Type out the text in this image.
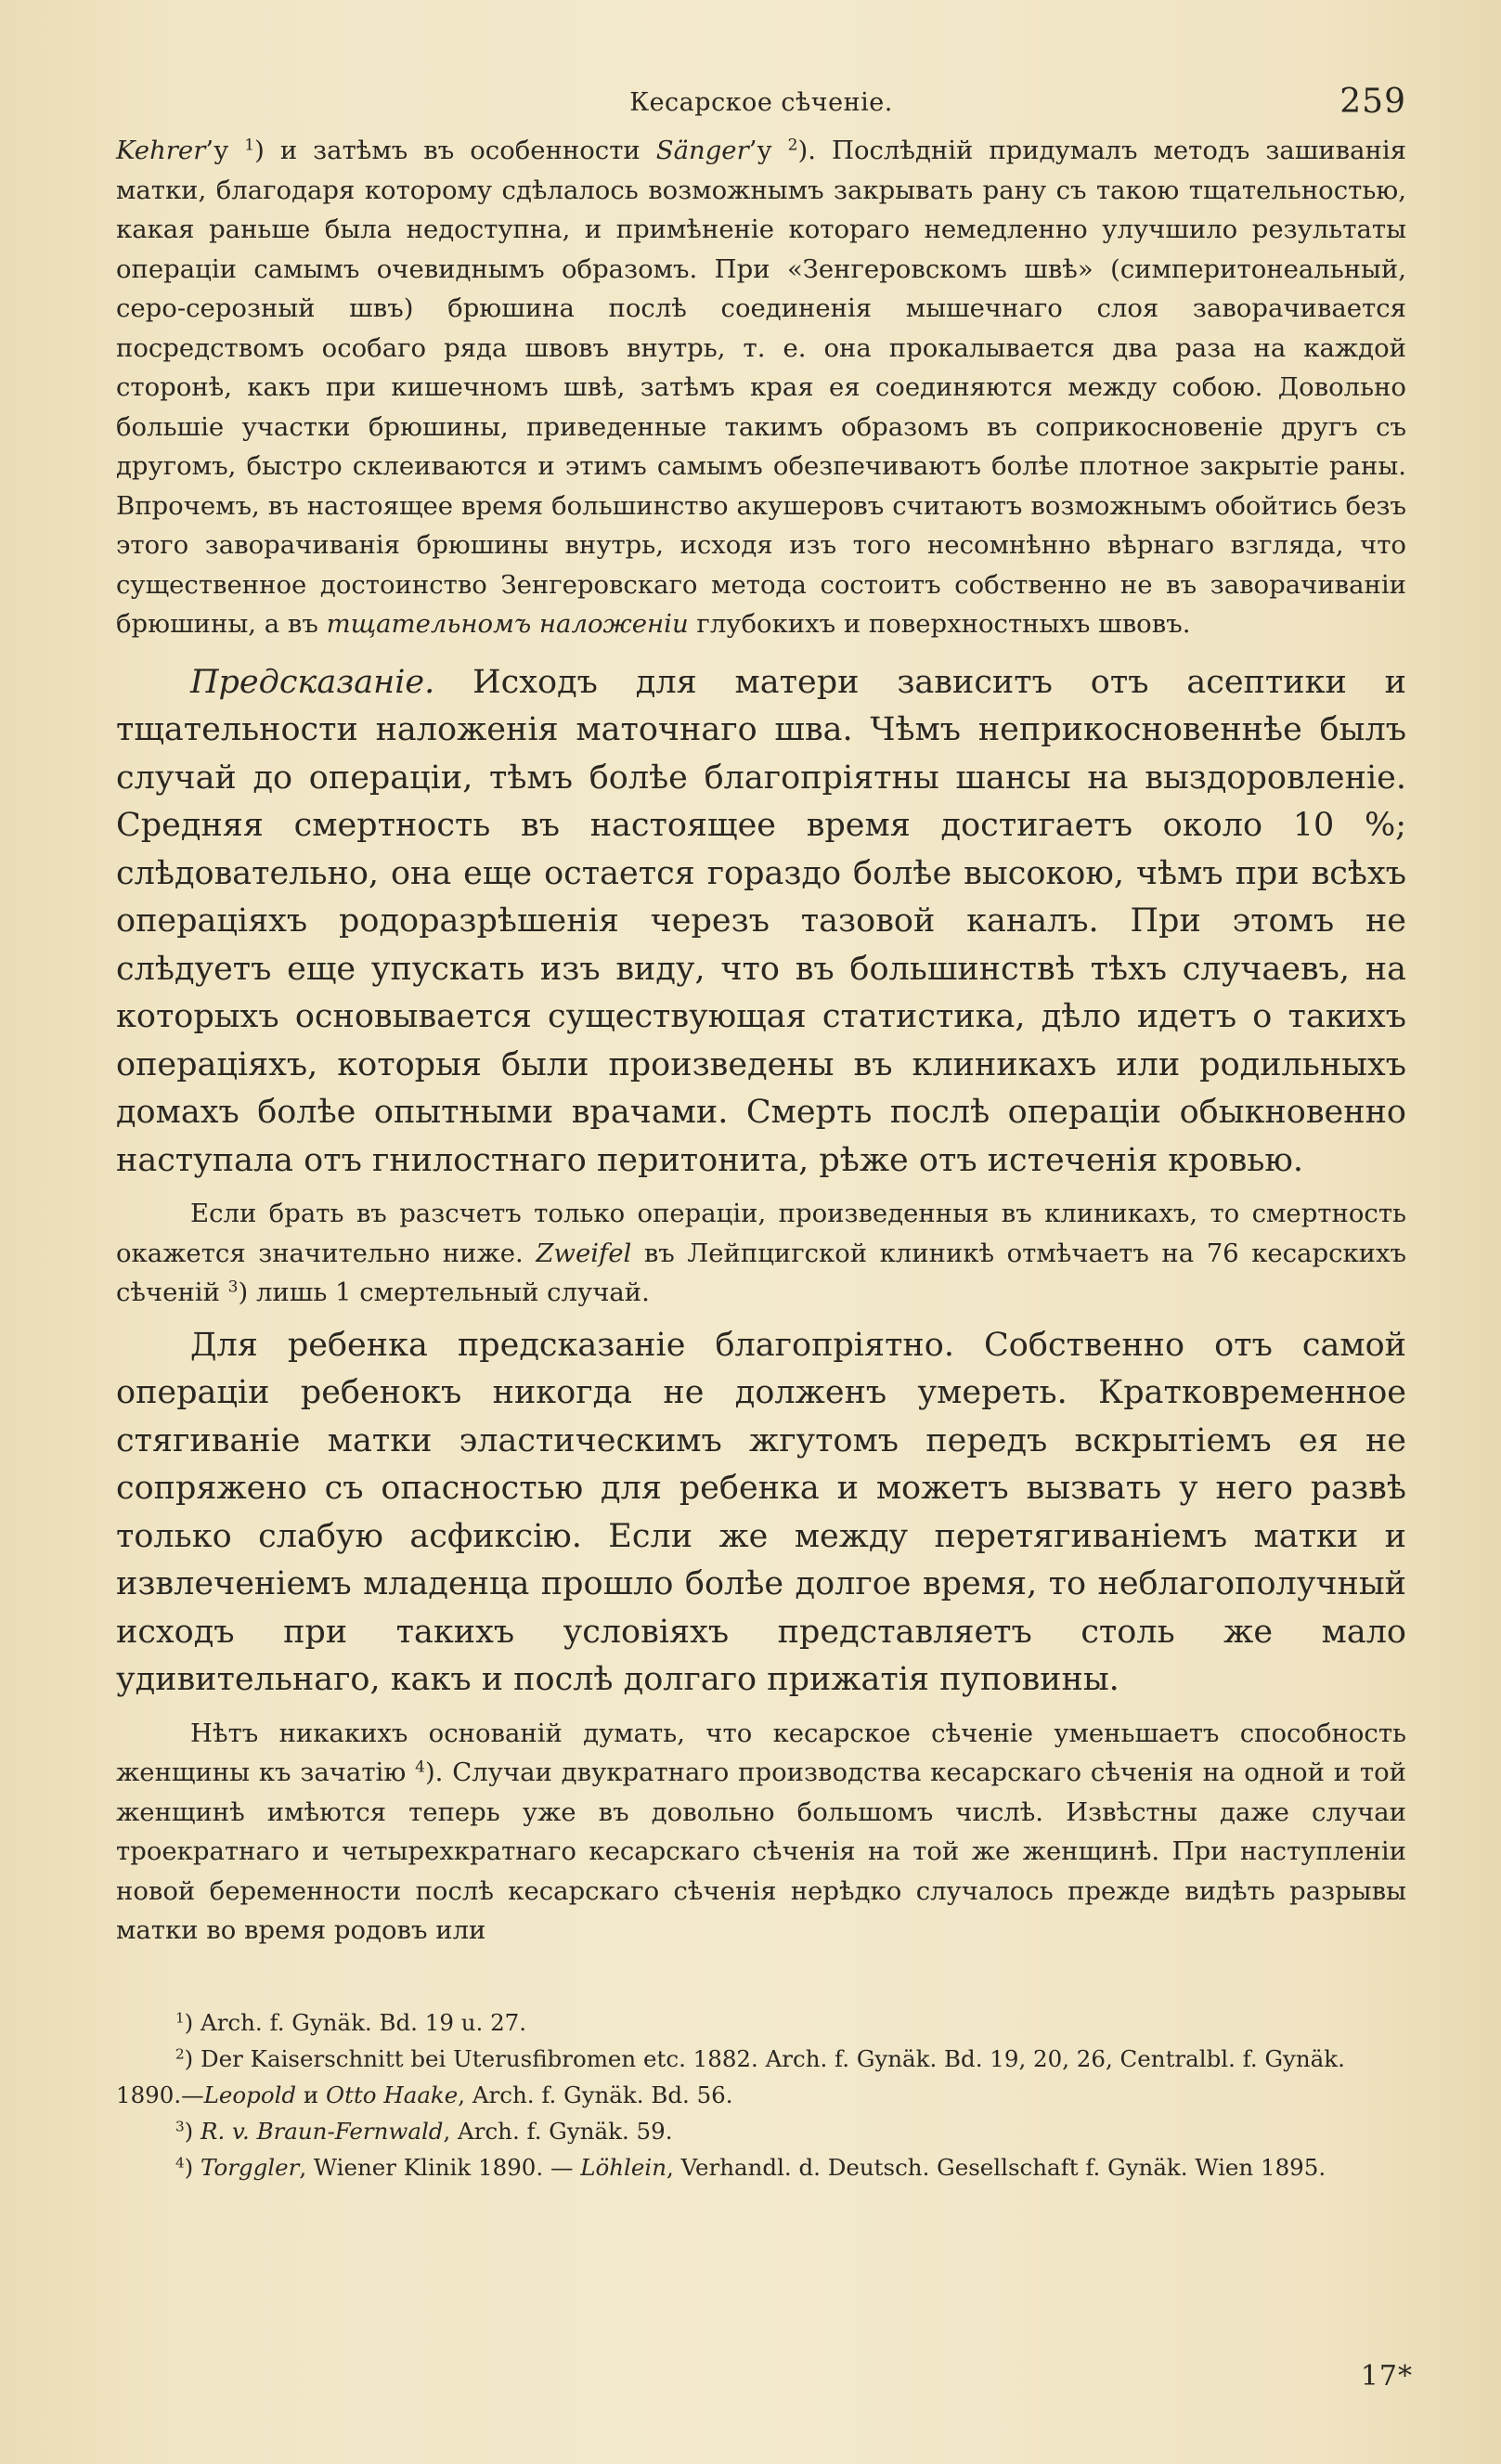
Кесарское сѣченіе.	259

Kehrer’у $^1$) и затѣмъ въ особенности Sänger’у $^2$). Послѣдній придумалъ методъ зашиванія матки, благодаря которому сдѣлалось возможнымъ закрывать рану съ такою тщательностью, какая раньше была недоступна, и примѣненіе котораго немедленно улучшило результаты операціи самымъ очевиднымъ образомъ. При «Зенгеровскомъ швѣ» (симперитонеальный, серо-серозный швъ) брюшина послѣ соединенія мышечнаго слоя заворачивается посредствомъ особаго ряда швовъ внутрь, т. е. она прокалывается два раза на каждой сторонѣ, какъ при кишечномъ швѣ, затѣмъ края ея соединяются между собою. Довольно большіе участки брюшины, приведенные такимъ образомъ въ соприкосновеніе другъ съ другомъ, быстро склеиваются и этимъ самымъ обезпечиваютъ болѣе плотное закрытіе раны. Впрочемъ, въ настоящее время большинство акушеровъ считаютъ возможнымъ обойтись безъ этого заворачиванія брюшины внутрь, исходя изъ того несомнѣнно вѣрнаго взгляда, что существенное достоинство Зенгеровскаго метода состоитъ собственно не въ заворачиваніи брюшины, а въ тщательномъ наложеніи глубокихъ и поверхностныхъ швовъ.

Предсказаніе. Исходъ для матери зависитъ отъ асептики и тщательности наложенія маточнаго шва. Чѣмъ неприкосновеннѣе былъ случай до операціи, тѣмъ болѣе благопріятны шансы на выздоровленіе. Средняя смертность въ настоящее время достигаетъ около 10 %; слѣдовательно, она еще остается гораздо болѣе высокою, чѣмъ при всѣхъ операціяхъ родоразрѣшенія черезъ тазовой каналъ. При этомъ не слѣдуетъ еще упускать изъ виду, что въ большинствѣ тѣхъ случаевъ, на которыхъ основывается существующая статистика, дѣло идетъ о такихъ операціяхъ, которыя были произведены въ клиникахъ или родильныхъ домахъ болѣе опытными врачами. Смерть послѣ операціи обыкновенно наступала отъ гнилостнаго перитонита, рѣже отъ истеченія кровью.

Если брать въ разсчетъ только операціи, произведенныя въ клиникахъ, то смертность окажется значительно ниже. Zweifel въ Лейпцигской клиникѣ отмѣчаетъ на 76 кесарскихъ сѣченій $^3$) лишь 1 смертельный случай.

Для ребенка предсказаніе благопріятно. Собственно отъ самой операціи ребенокъ никогда не долженъ умереть. Кратковременное стягиваніе матки эластическимъ жгутомъ передъ вскрытіемъ ея не сопряжено съ опасностью для ребенка и можетъ вызвать у него развѣ только слабую асфиксію. Если же между перетягиваніемъ матки и извлеченіемъ младенца прошло болѣе долгое время, то неблагополучный исходъ при такихъ условіяхъ представляетъ столь же мало удивительнаго, какъ и послѣ долгаго прижатія пуповины.

Нѣтъ никакихъ основаній думать, что кесарское сѣченіе уменьшаетъ способность женщины къ зачатію $^4$). Случаи двукратнаго производства кесарскаго сѣченія на одной и той женщинѣ имѣются теперь уже въ довольно большомъ числѣ. Извѣстны даже случаи троекратнаго и четырехкратнаго кесарскаго сѣченія на той же женщинѣ. При наступленіи новой беременности послѣ кесарскаго сѣченія нерѣдко случалось прежде видѣть разрывы матки во время родовъ или

$^1$) Arch. f. Gynäk. Bd. 19 u. 27.
$^2$) Der Kaiserschnitt bei Uterusfibromen etc. 1882. Arch. f. Gynäk. Bd. 19, 20, 26, Centralbl. f. Gynäk. 1890.—Leopold и Otto Haake, Arch. f. Gynäk. Bd. 56.
$^3$) R. v. Braun-Fernwald, Arch. f. Gynäk. 59.
$^4$) Torggler, Wiener Klinik 1890. — Löhlein, Verhandl. d. Deutsch. Gesellschaft f. Gynäk. Wien 1895.
17*
